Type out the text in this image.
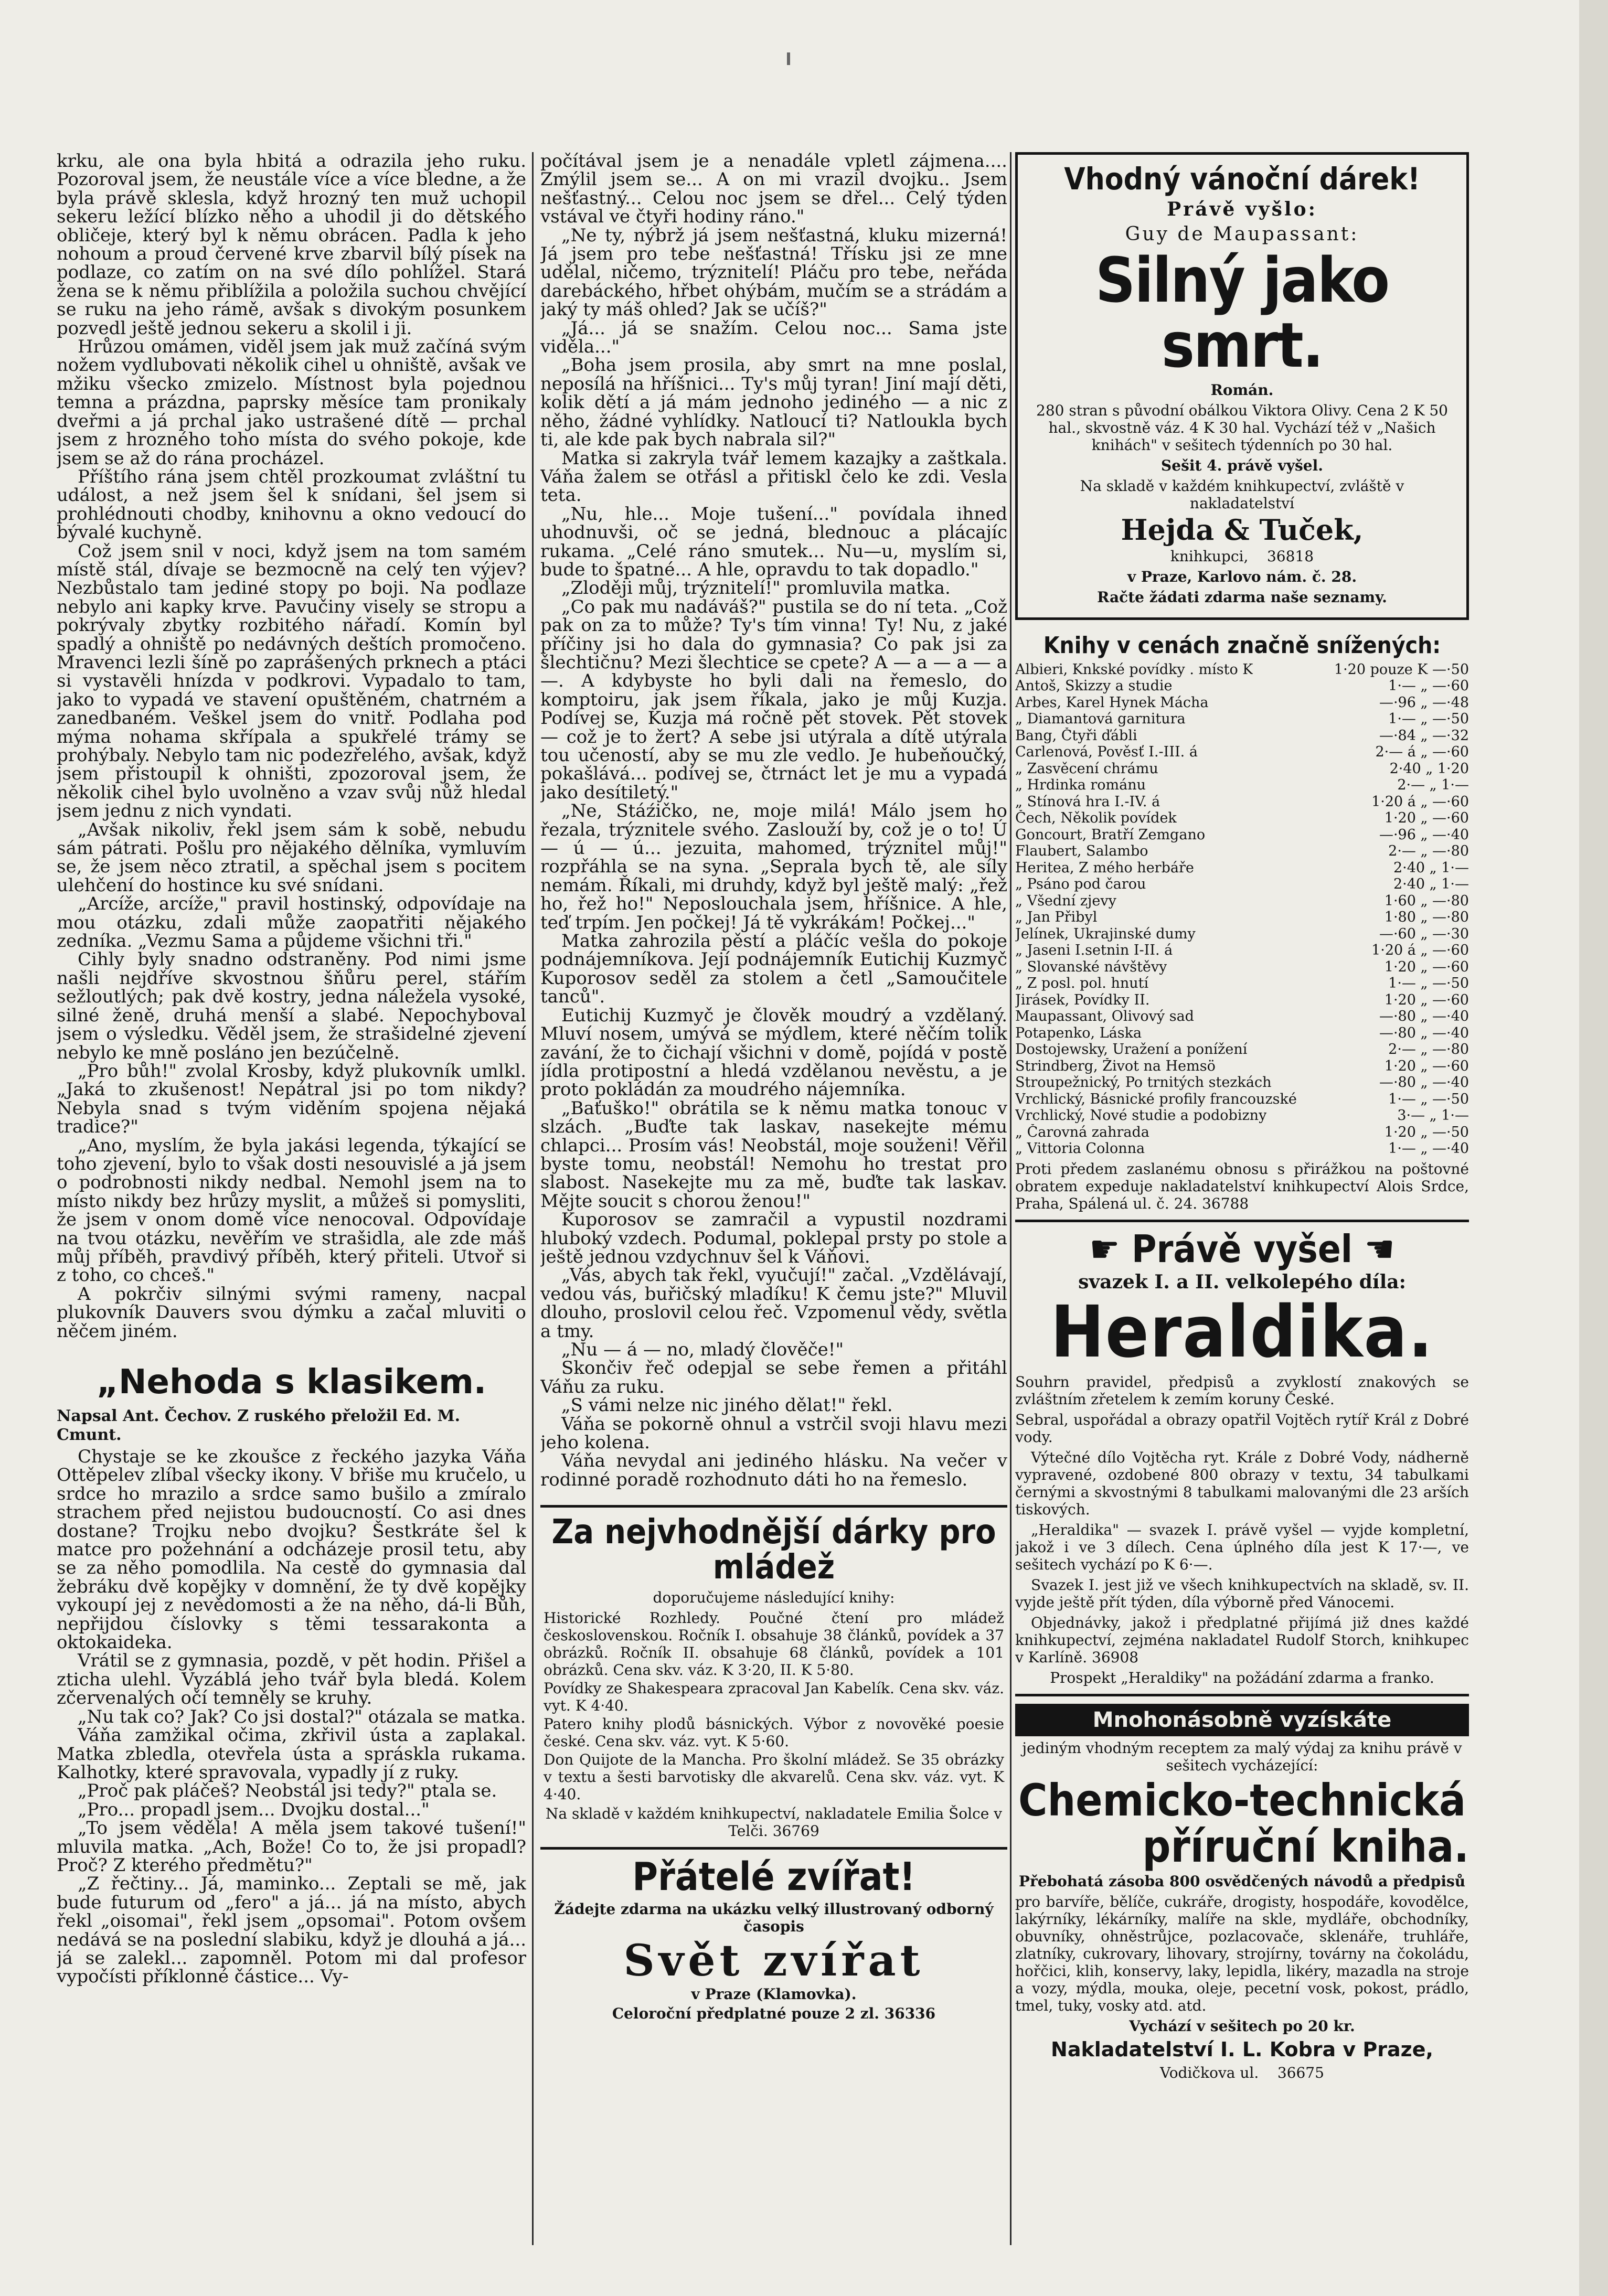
krku, ale ona byla hbitá a odrazila jeho ruku. Pozoroval jsem, že neustále více a více bledne, a že byla právě sklesla, když hrozný ten muž uchopil sekeru ležící blízko něho a uhodil ji do dětského obličeje, který byl k němu obrácen. Padla k jeho nohoum a proud červené krve zbarvil bílý písek na podlaze, co zatím on na své dílo pohlížel. Stará žena se k němu přiblížila a položila suchou chvějící se ruku na jeho rámě, avšak s divokým posunkem pozvedl ještě jednou sekeru a skolil i ji.

Hrůzou omámen, viděl jsem jak muž začíná svým nožem vydlubovati několik cihel u ohniště, avšak ve mžiku všecko zmizelo. Místnost byla pojednou temna a prázdna, paprsky měsíce tam pronikaly dveřmi a já prchal jako ustrašené dítě — prchal jsem z hrozného toho místa do svého pokoje, kde jsem se až do rána procházel.

Příštího rána jsem chtěl prozkoumat zvláštní tu událost, a než jsem šel k snídani, šel jsem si prohlédnouti chodby, knihovnu a okno vedoucí do bývalé kuchyně.

Což jsem snil v noci, když jsem na tom samém místě stál, dívaje se bezmocně na celý ten výjev? Nezbůstalo tam jediné stopy po boji. Na podlaze nebylo ani kapky krve. Pavučiny visely se stropu a pokrývaly zbytky rozbitého nářadí. Komín byl spadlý a ohniště po nedávných deštích promočeno. Mravenci lezli šíně po zaprášených prknech a ptáci si vystavěli hnízda v podkrovi. Vypadalo to tam, jako to vypadá ve stavení opuštěném, chatrném a zanedbaném. Veškel jsem do vnitř. Podlaha pod mýma nohama skřípala a spukřelé trámy se prohýbaly. Nebylo tam nic podezřelého, avšak, když jsem přistoupil k ohništi, zpozoroval jsem, že několik cihel bylo uvolněno a vzav svůj nůž hledal jsem jednu z nich vyndati.

„Avšak nikoliv, řekl jsem sám k sobě, nebudu sám pátrati. Pošlu pro nějakého dělníka, vymluvím se, že jsem něco ztratil, a spěchal jsem s pocitem ulehčení do hostince ku své snídani.

„Arcíže, arcíže," pravil hostinský, odpovídaje na mou otázku, zdali může zaopatřiti nějakého zedníka. „Vezmu Sama a půjdeme všichni tři."

Cihly byly snadno odstraněny. Pod nimi jsme našli nejdříve skvostnou šňůru perel, stářím sežloutlých; pak dvě kostry, jedna náležela vysoké, silné ženě, druhá menší a slabé. Nepochyboval jsem o výsledku. Věděl jsem, že strašidelné zjevení nebylo ke mně posláno jen bezúčelně.

„Pro bůh!" zvolal Krosby, když plukovník umlkl. „Jaká to zkušenost! Nepátral jsi po tom nikdy? Nebyla snad s tvým viděním spojena nějaká tradice?"

„Ano, myslím, že byla jakási legenda, týkající se toho zjevení, bylo to však dosti nesouvislé a já jsem o podrobnosti nikdy nedbal. Nemohl jsem na to místo nikdy bez hrůzy myslit, a můžeš si pomysliti, že jsem v onom domě více nenocoval. Odpovídaje na tvou otázku, nevěřím ve strašidla, ale zde máš můj příběh, pravdivý příběh, který přiteli. Utvoř si z toho, co chceš."

A pokrčiv silnými svými rameny, nacpal plukovník Dauvers svou dýmku a začal mluviti o něčem jiném.

„Nehoda s klasikem.

Napsal Ant. Čechov. Z ruského přeložil Ed. M. Cmunt.

Chystaje se ke zkoušce z řeckého jazyka Váňa Ottěpelev zlíbal všecky ikony. V břiše mu kručelo, u srdce ho mrazilo a srdce samo bušilo a zmíralo strachem před nejistou budoucností. Co asi dnes dostane? Trojku nebo dvojku? Šestkráte šel k matce pro požehnání a odcházeje prosil tetu, aby se za něho pomodlila. Na cestě do gymnasia dal žebráku dvě kopějky v domnění, že ty dvě kopějky vykoupí jej z nevědomosti a že na něho, dá-li Bůh, nepřijdou číslovky s těmi tessarakonta a oktokaideka.

Vrátil se z gymnasia, pozdě, v pět hodin. Přišel a zticha ulehl. Vyzáblá jeho tvář byla bledá. Kolem zčervenalých očí temněly se kruhy.

„Nu tak co? Jak? Co jsi dostal?" otázala se matka.

Váňa zamžikal očima, zkřivil ústa a zaplakal. Matka zbledla, otevřela ústa a sprásklа rukama. Kalhotky, které spravovala, vypadly jí z ruky.

„Proč pak pláčeš? Neobstál jsi tedy?" ptala se.

„Pro... propadl jsem... Dvojku dostal..."

„To jsem věděla! A měla jsem takové tušení!" mluvila matka. „Ach, Bože! Co to, že jsi propadl? Proč? Z kterého předmětu?"

„Z řečtiny... Já, maminko... Zeptali se mě, jak bude futurum od „fero" a já... já na místo, abych řekl „oisomai", řekl jsem „opsomai". Potom ovšem nedává se na poslední slabiku, když je dlouhá a já... já se zalekl... zapomněl. Potom mi dal profesor vypočísti příklonné částice... Vy-

počítával jsem je a nenadále vpletl zájmena.... Zmýlil jsem se... A on mi vrazil dvojku.. Jsem nešťastný... Celou noc jsem se dřel... Celý týden vstával ve čtyři hodiny ráno."

„Ne ty, nýbrž já jsem nešťastná, kluku mizerná! Já jsem pro tebe nešťastná! Třísku jsi ze mne udělal, ničemo, trýznitelí! Pláču pro tebe, neřádа darebáckého, hřbet ohýbám, mučím se a strádám a jaký ty máš ohled? Jak se učíš?"

„Já... já se snažím. Celou noc... Sama jste viděla..."

„Boha jsem prosila, aby smrt na mne poslal, neposílá na hříšnici... Ty's můj tyran! Jiní mají děti, kolik dětí a já mám jednoho jediného — a nic z něho, žádné vyhlídky. Natloucí ti? Natlouklа bych ti, ale kde pak bych nabrala sil?"

Matka si zakryla tvář lemem kazajky a zaštkala. Váňa žalem se otřásl a přitiskl čelo ke zdi. Vesla teta.

„Nu, hle... Moje tušení..." povídala ihned uhodnuvši, oč se jedná, blednouc a plácajíc rukama. „Celé ráno smutek... Nu—u, myslím si, bude to špatné... A hle, opravdu to tak dopadlo."

„Zloději můj, trýznitelí!" promluvila matka.

„Co pak mu nadáváš?" pustila se do ní teta. „Což pak on za to může? Ty's tím vinna! Ty! Nu, z jaké příčiny jsi ho dala do gymnasia? Co pak jsi za šlechtičnu? Mezi šlechtice se cpete? A — a — a — a —. A kdybyste ho byli dali na řemeslo, do komptoiru, jak jsem říkala, jako je můj Kuzja. Podívej se, Kuzja má ročně pět stovek. Pět stovek — což je to žert? A sebe jsi utýrala a dítě utýrala tou učeností, aby se mu zle vedlo. Je hubeňoučký, pokašlává... podívej se, čtrnáct let je mu a vypadá jako desítiletý."

„Ne, Stáźičko, ne, moje milá! Málo jsem ho řezala, trýznitele svého. Zaslouží by, což je o to! Ú — ú — ú... jezuita, mahomed, trýznitel můj!" rozpřáhla se na syna. „Seprala bych tě, ale síly nemám. Říkali, mi druhdy, když byl ještě malý: „řež ho, řež ho!" Neposlouchala jsem, hříšnice. A hle, teď trpím. Jen počkej! Já tě vykrákám! Počkej..."

Matka zahrozila pěstí a pláčíc vešla do pokoje podnájemníkova. Její podnájemník Eutichij Kuzmyč Kuporosov seděl za stolem a četl „Samoučitele tanců".

Eutichij Kuzmyč je člověk moudrý a vzdělaný. Mluví nosem, umývá se mýdlem, které něčím tolik zavání, že to čichají všichni v domě, pojídá v postě jídla protipostní a hledá vzdělanou nevěstu, a je proto pokládán za moudrého nájemníka.

„Baťuško!" obrátila se k němu matka tonouc v slzách. „Buďte tak laskav, nasekejte mému chlapci... Prosím vás! Neobstál, moje souženi! Věřil byste tomu, neobstál! Nemohu ho trestat pro slabost. Nasekejte mu za mě, buďte tak laskav. Mějte soucit s chorou ženou!"

Kuporosov se zamračil a vypustil nozdrami hluboký vzdech. Podumal, poklepal prsty po stole a ještě jednou vzdychnuv šel k Váňovi.

„Vás, abych tak řekl, vyučují!" začal. „Vzdělávají, vedou vás, buřičský mladíku! K čemu jste?" Mluvil dlouho, proslovil celou řeč. Vzpomenul vědy, světla a tmy.

„Nu — á — no, mladý člověče!"

Skončiv řeč odepjal se sebe řemen a přitáhl Váňu za ruku.

„S vámi nelze nic jiného dělat!" řekl.

Váňa se pokorně ohnul a vstrčil svoji hlavu mezi jeho kolena.

Váňa nevydal ani jediného hlásku. Na večer v rodinné poradě rozhodnuto dáti ho na řemeslo.

Za nejvhodnější dárky pro mládež

doporučujeme následující knihy:

Historické Rozhledy. Poučné čtení pro mládež československou. Ročník I. obsahuje 38 článků, povídek a 37 obrázků. Ročník II. obsahuje 68 článků, povídek a 101 obrázků. Cena skv. váz. K 3·20, II. K 5·80.

Povídky ze Shakespeara zpracoval Jan Kabelík. Cena skv. váz. vyt. K 4·40.

Patero knihy plodů básnických. Výbor z novověké poesie české. Cena skv. váz. vyt. K 5·60.

Don Quijote de la Mancha. Pro školní mládež. Se 35 obrázky v textu a šesti barvotisky dle akvarelů. Cena skv. váz. vyt. K 4·40.

Na skladě v každém knihkupectví, nakladatele Emilia Šolce v Telči. 36769

Přátelé zvířat!

Žádejte zdarma na ukázku velký illustrovaný odborný časopis

Svět zvířat

v Praze (Klamovka).

Celoroční předplatné pouze 2 zl. 36336

Vhodný vánoční dárek!

Právě vyšlo:

Guy de Maupassant:

Silný jako smrt.

Román.

280 stran s původní obálkou Viktora Olivy. Cena 2 K 50 hal., skvostně váz. 4 K 30 hal. Vychází též v „Našich knihách" v sešitech týdenních po 30 hal.

Sešit 4. právě vyšel.

Na skladě v každém knihkupectví, zvláště v nakladatelství

Hejda & Tuček,

knihkupci, 36818

v Praze, Karlovo nám. č. 28.

Račte žádati zdarma naše seznamy.

Knihy v cenách značně snížených:
Albieri, Knkské povídky . místo K	1·20 pouze K —·50
Antoš, Skizzy a studie	1·— „ —·60
Arbes, Karel Hynek Mácha	—·96 „ —·48
„ Diamantová garnitura	1·— „ —·50
Bang, Čtyři ďábli	—·84 „ —·32
Carlenová, Pověsť I.-III. á	2·— á „ —·60
„ Zasvěcení chrámu	2·40 „ 1·20
„ Hrdinka románu	2·— „ 1·—
„ Stínová hra I.-IV. á	1·20 á „ —·60
Čech, Několik povídek	1·20 „ —·60
Goncourt, Bratří Zemgano	—·96 „ —·40
Flaubert, Salambo	2·— „ —·80
Heritea, Z mého herbáře	2·40 „ 1·—
„ Psáno pod čarou	2·40 „ 1·—
„ Všední zjevy	1·60 „ —·80
„ Jan Přibyl	1·80 „ —·80
Jelínek, Ukrajinské dumy	—·60 „ —·30
„ Jaseni I.setnin I-II. á	1·20 á „ —·60
„ Slovanské návštěvy	1·20 „ —·60
„ Z posl. pol. hnutí	1·— „ —·50
Jirásek, Povídky II.	1·20 „ —·60
Maupassant, Olivový sad	—·80 „ —·40
Potapenko, Láska	—·80 „ —·40
Dostojewsky, Uražení a ponížení	2·— „ —·80
Strindberg, Život na Hemsö	1·20 „ —·60
Stroupežnický, Po trnitých stezkách	—·80 „ —·40
Vrchlický, Básnické profily francouzské	1·— „ —·50
Vrchlický, Nové studie a podobizny	3·— „ 1·—
„ Čarovná zahrada	1·20 „ —·50
„ Vittoria Colonna	1·— „ —·40

Proti předem zaslanému obnosu s přirážkou na poštovné obratem expeduje nakladatelství knihkupectví Alois Srdce, Praha, Spálená ul. č. 24. 36788

☛ Právě vyšel ☚

svazek I. a II. velkolepého díla:

Heraldika.

Souhrn pravidel, předpisů a zvyklostí znakových se zvláštním zřetelem k zemím koruny České.

Sebral, uspořádal a obrazy opatřil Vojtěch rytíř Král z Dobré vody.

Výtečné dílo Vojtěcha ryt. Krále z Dobré Vody, nádherně vypravené, ozdobené 800 obrazy v textu, 34 tabulkami černými a skvostnými 8 tabulkami malovanými dle 23 arších tiskových.

„Heraldika" — svazek I. právě vyšel — vyjde kompletní, jakož i ve 3 dílech. Cena úplného díla jest K 17·—, ve sešitech vychází po K 6·—.

Svazek I. jest již ve všech knihkupectvích na skladě, sv. II. vyjde ještě přít týden, díla výborně před Vánocemi.

Objednávky, jakož i předplatné přijímá již dnes každé knihkupectví, zejména nakladatel Rudolf Storch, knihkupec v Karlíně. 36908

Prospekt „Heraldiky" na požádání zdarma a franko.

Mnohonásobně vyzískáte

jediným vhodným receptem za malý výdaj za knihu právě v sešitech vycházející:

Chemicko-technická
příruční kniha.

Přebohatá zásoba 800 osvědčených návodů a předpisů

pro barvíře, bělíče, cukráře, drogisty, hospodáře, kovodělce, lakýrníky, lékárníky, malíře na skle, mydláře, obchodníky, obuvníky, ohněstrůjce, pozlacovače, sklenáře, truhláře, zlatníky, cukrovary, lihovary, strojírny, továrny na čokoládu, hořčici, klih, konservy, laky, lepidla, likéry, mazadla na stroje a vozy, mýdla, mouka, oleje, pecetní vosk, pokost, prádlo, tmel, tuky, vosky atd. atd.

Vychází v sešitech po 20 kr.

Nakladatelství I. L. Kobra v Praze,

Vodičkova ul. 36675
